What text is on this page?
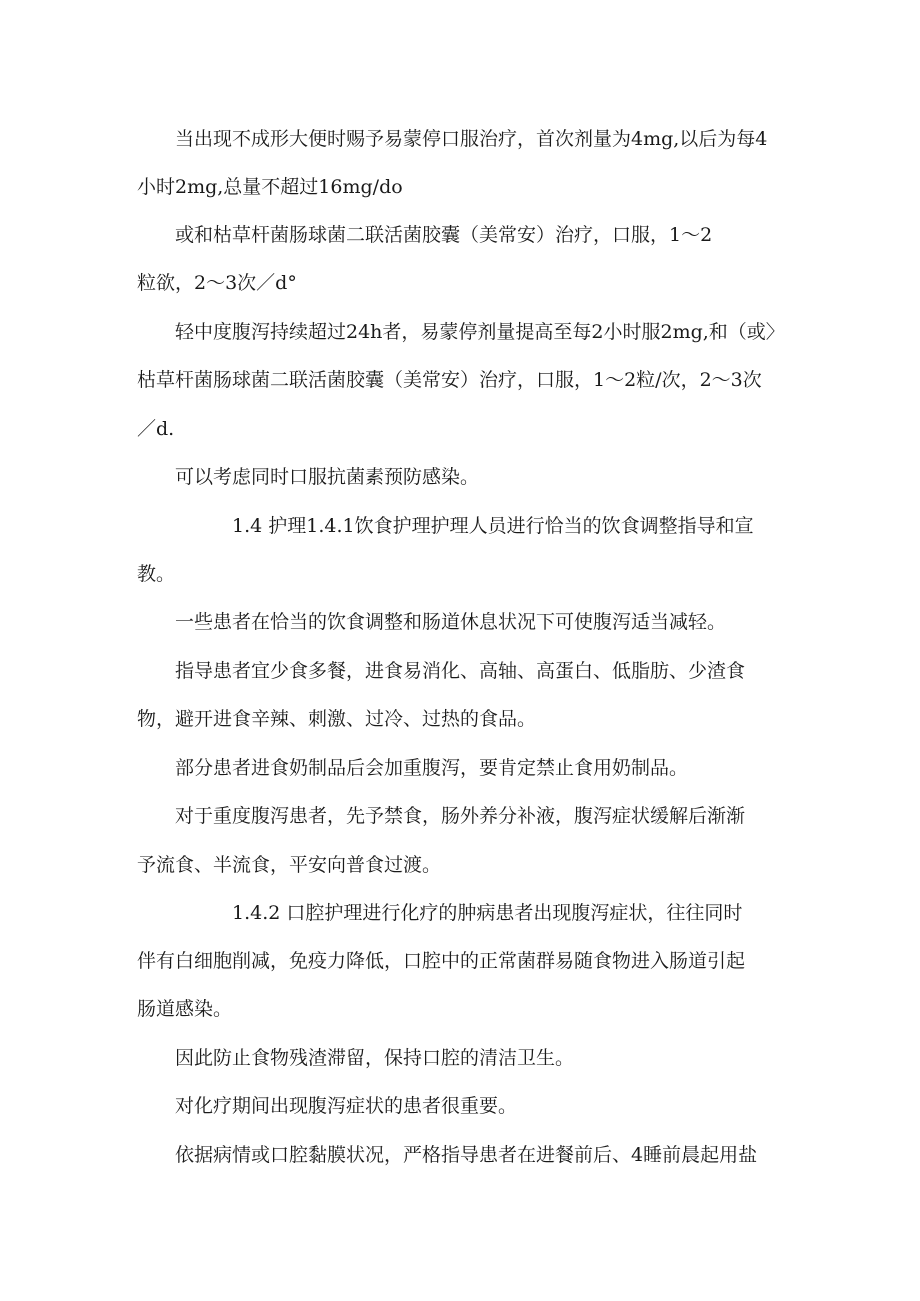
当出现不成形大便时赐予易蒙停口服治疗，首次剂量为4mg,以后为每4
小时2mg,总量不超过16mg/do
或和枯草杆菌肠球菌二联活菌胶囊（美常安）治疗，口服，1～2
粒欲，2～3次／d°
轻中度腹泻持续超过24h者，易蒙停剂量提高至每2小时服2mg,和（或〉
枯草杆菌肠球菌二联活菌胶囊（美常安）治疗，口服，1～2粒/次，2～3次
／d.
可以考虑同时口服抗菌素预防感染。
1.4 护理1.4.1饮食护理护理人员进行恰当的饮食调整指导和宣
教。
一些患者在恰当的饮食调整和肠道休息状况下可使腹泻适当减轻。
指导患者宜少食多餐，进食易消化、高轴、高蛋白、低脂肪、少渣食
物，避开进食辛辣、刺激、过冷、过热的食品。
部分患者进食奶制品后会加重腹泻，要肯定禁止食用奶制品。
对于重度腹泻患者，先予禁食，肠外养分补液，腹泻症状缓解后渐渐
予流食、半流食，平安向普食过渡。
1.4.2 口腔护理进行化疗的肿病患者出现腹泻症状，往往同时
伴有白细胞削减，免疫力降低，口腔中的正常菌群易随食物进入肠道引起
肠道感染。
因此防止食物残渣滞留，保持口腔的清洁卫生。
对化疗期间出现腹泻症状的患者很重要。
依据病情或口腔黏膜状况，严格指导患者在进餐前后、4睡前晨起用盐
